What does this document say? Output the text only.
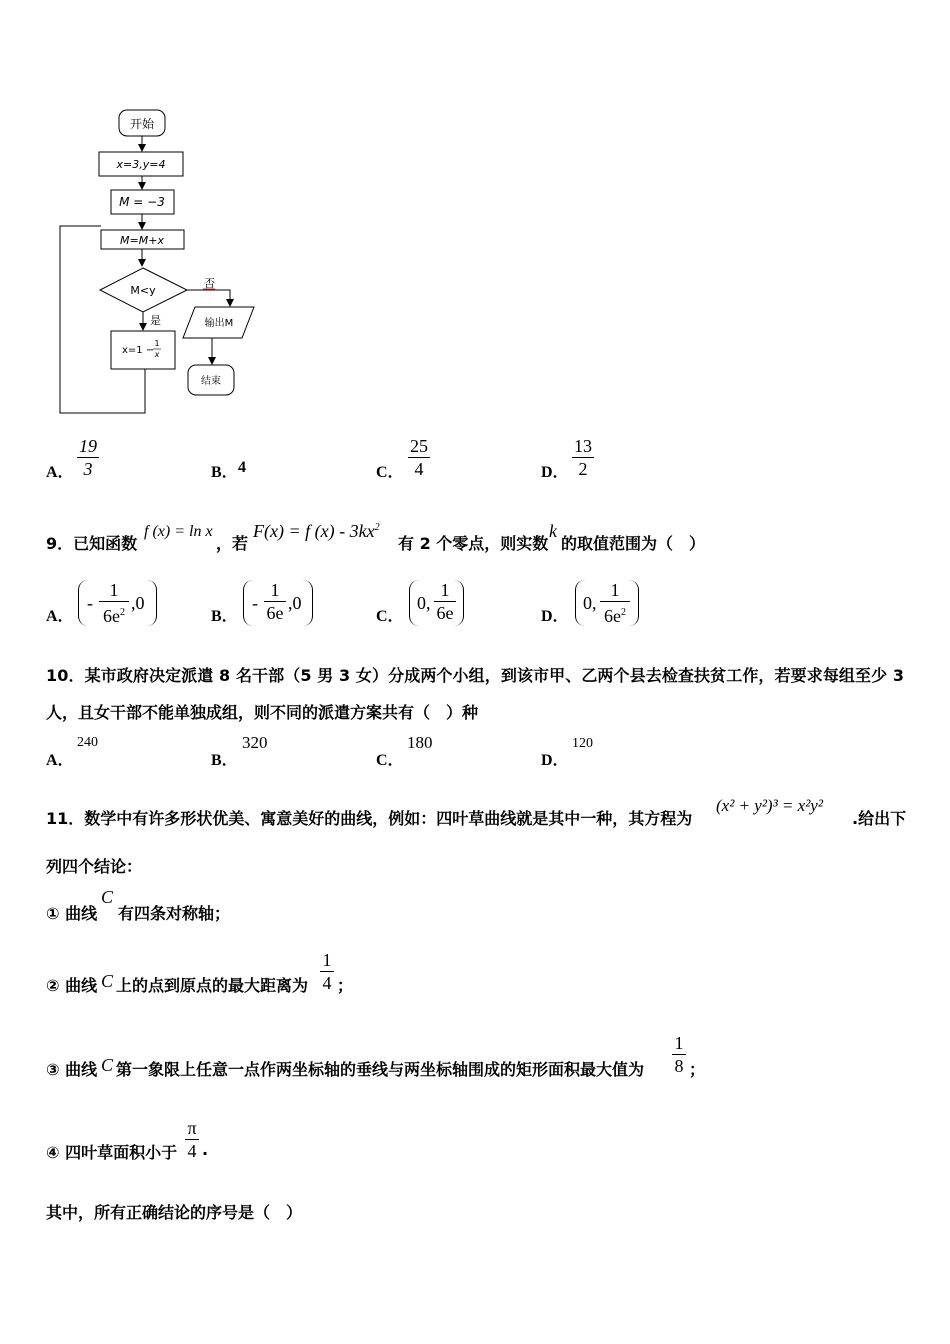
开始
x=3,y=4
M = −3
M=M+x
M<y
否
输出M
结束
是
x=1 −
1
x
A．
19
3	B． 4	C．
25
4	D．
13
2
9．已知函数
f (x) = ln x
，若
F(x) = f $(x) - 3kx^2$
有 2 个零点，则实数
k
的取值范围为（　）
A．
-
1
$6e^2$ ,0
B．
-
1
6e ,0
C．
0,
1
6e	D．
0,
1
$6e^2$
10．某市政府决定派遣 8 名干部（5 男 3 女）分成两个小组，到该市甲、乙两个县去检查扶贫工作，若要求每组至少 3
人，且女干部不能单独成组，则不同的派遣方案共有（　）种
A．
240
B．
320
C．
180
D．
120
11．数学中有许多形状优美、寓意美好的曲线，例如：四叶草曲线就是其中一种，其方程为
(x² + y²)³ = x²y²
.给出下
列四个结论：
① 曲线
C
有四条对称轴；
② 曲线 C 上的点到原点的最大距离为
1
4 ；
③ 曲线 C 第一象限上任意一点作两坐标轴的垂线与两坐标轴围成的矩形面积最大值为
1
8 ；
④ 四叶草面积小于
π
4 .
其中，所有正确结论的序号是（　）
